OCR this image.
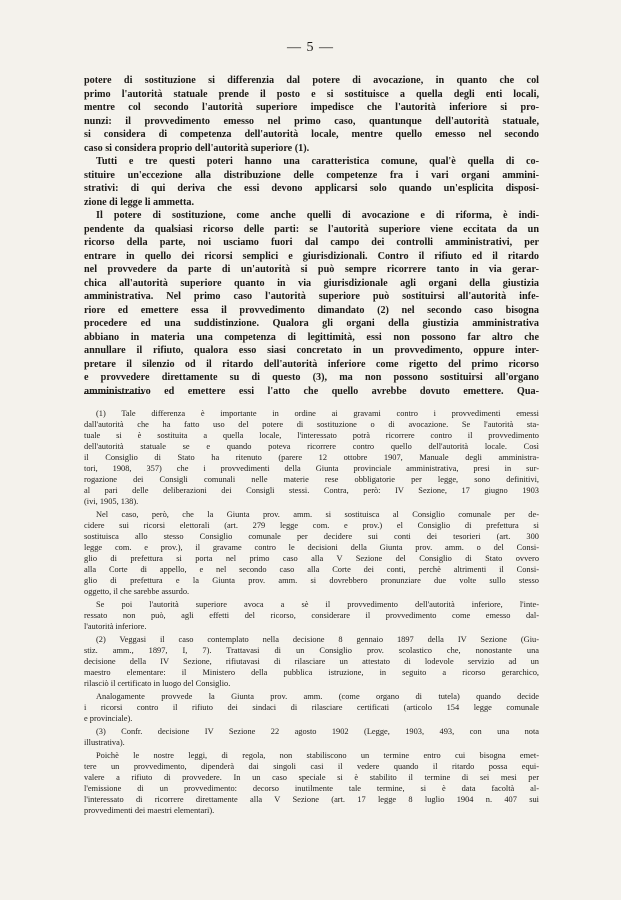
— 5 —
potere di sostituzione si differenzia dal potere di avocazione, in quanto che col
primo l'autorità statuale prende il posto e si sostituisce a quella degli enti locali,
mentre col secondo l'autorità superiore impedisce che l'autorità inferiore si pro-
nunzi: il provvedimento emesso nel primo caso, quantunque dell'autorità statuale,
si considera di competenza dell'autorità locale, mentre quello emesso nel secondo
caso si considera proprio dell'autorità superiore (1).
Tutti e tre questi poteri hanno una caratteristica comune, qual'è quella di co-
stituire un'eccezione alla distribuzione delle competenze fra i vari organi ammini-
strativi: di qui deriva che essi devono applicarsi solo quando un'esplicita disposi-
zione di legge li ammetta.
Il potere di sostituzione, come anche quelli di avocazione e di riforma, è indi-
pendente da qualsiasi ricorso delle parti: se l'autorità superiore viene eccitata da un
ricorso della parte, noi usciamo fuori dal campo dei controlli amministrativi, per
entrare in quello dei ricorsi semplici e giurisdizionali. Contro il rifiuto ed il ritardo
nel provvedere da parte di un'autorità si può sempre ricorrere tanto in via gerar-
chica all'autorità superiore quanto in via giurisdizionale agli organi della giustizia
amministrativa. Nel primo caso l'autorità superiore può sostituirsi all'autorità infe-
riore ed emettere essa il provvedimento dimandato (2) nel secondo caso bisogna
procedere ed una suddistinzione. Qualora gli organi della giustizia amministrativa
abbiano in materia una competenza di legittimità, essi non possono far altro che
annullare il rifiuto, qualora esso siasi concretato in un provvedimento, oppure inter-
pretare il silenzio od il ritardo dell'autorità inferiore come rigetto del primo ricorso
e provvedere direttamente su di questo (3), ma non possono sostituirsi all'organo
amministrativo ed emettere essi l'atto che quello avrebbe dovuto emettere. Qua-
(1) Tale differenza è importante in ordine ai gravami contro i provvedimenti emessi
dall'autorità che ha fatto uso del potere di sostituzione o di avocazione. Se l'autorità sta-
tuale si è sostituita a quella locale, l'interessato potrà ricorrere contro il provvedimento
dell'autorità statuale se e quando poteva ricorrere contro quello dell'autorità locale. Così
il Consiglio di Stato ha ritenuto (parere 12 ottobre 1907, Manuale degli amministra-
tori, 1908, 357) che i provvedimenti della Giunta provinciale amministrativa, presi in sur-
rogazione dei Consigli comunali nelle materie rese obbligatorie per legge, sono definitivi,
al pari delle deliberazioni dei Consigli stessi. Contra, però: IV Sezione, 17 giugno 1903
(ivi, 1905, 138).
Nel caso, però, che la Giunta prov. amm. si sostituisca al Consiglio comunale per de-
cidere sui ricorsi elettorali (art. 279 legge com. e prov.) el Consiglio di prefettura si
sostituisca allo stesso Consiglio comunale per decidere sui conti dei tesorieri (art. 300
legge com. e prov.), il gravame contro le decisioni della Giunta prov. amm. o del Consi-
glio di prefettura si porta nel primo caso alla V Sezione del Consiglio di Stato ovvero
alla Corte di appello, e nel secondo caso alla Corte dei conti, perchè altrimenti il Consi-
glio di prefettura e la Giunta prov. amm. si dovrebbero pronunziare due volte sullo stesso
oggetto, il che sarebbe assurdo.
Se poi l'autorità superiore avoca a sè il provvedimento dell'autorità inferiore, l'inte-
ressato non può, agli effetti del ricorso, considerare il provvedimento come emesso dal-
l'autorità inferiore.
(2) Veggasi il caso contemplato nella decisione 8 gennaio 1897 della IV Sezione (Giu-
stiz. amm., 1897, I, 7). Trattavasi di un Consiglio prov. scolastico che, nonostante una
decisione della IV Sezione, rifiutavasi di rilasciare un attestato di lodevole servizio ad un
maestro elementare: il Ministero della pubblica istruzione, in seguito a ricorso gerarchico,
rilasciò il certificato in luogo del Consiglio.
Analogamente provvede la Giunta prov. amm. (come organo di tutela) quando decide
i ricorsi contro il rifiuto dei sindaci di rilasciare certificati (articolo 154 legge comunale
e provinciale).
(3) Confr. decisione IV Sezione 22 agosto 1902 (Legge, 1903, 493, con una nota
illustrativa).
Poichè le nostre leggi, di regola, non stabiliscono un termine entro cui bisogna emet-
tere un provvedimento, dipenderà dai singoli casi il vedere quando il ritardo possa equi-
valere a rifiuto di provvedere. In un caso speciale si è stabilito il termine di sei mesi per
l'emissione di un provvedimento: decorso inutilmente tale termine, si è data facoltà al-
l'interessato di ricorrere direttamente alla V Sezione (art. 17 legge 8 luglio 1904 n. 407 sui
provvedimenti dei maestri elementari).
